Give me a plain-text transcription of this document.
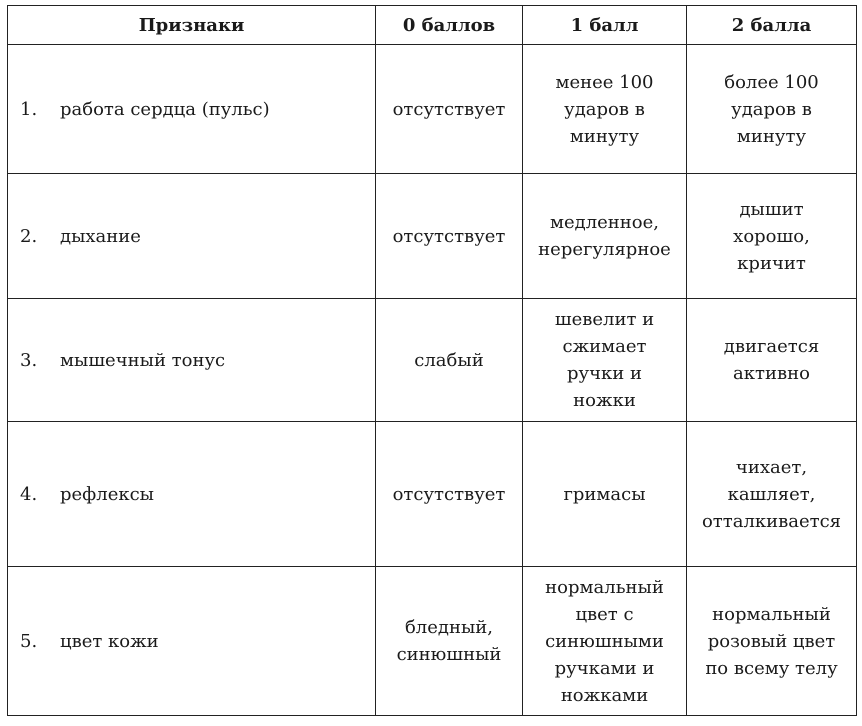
Признаки	0 баллов	1 балл	2 балла
1. работа сердца (пульс)	отсутствует	менее 100
ударов в
минуту	более 100
ударов в
минуту
2. дыхание	отсутствует	медленное,
нерегулярное	дышит
хорошо,
кричит
3. мышечный тонус	слабый	шевелит и
сжимает
ручки и
ножки	двигается
активно
4. рефлексы	отсутствует	гримасы	чихает,
кашляет,
отталкивается
5. цвет кожи	бледный,
синюшный	нормальный
цвет с
синюшными
ручками и
ножками	нормальный
розовый цвет
по всему телу
